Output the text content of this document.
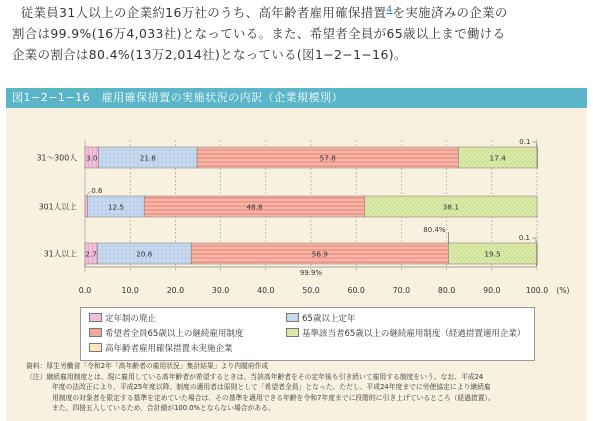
従業員31人以上の企業約16万社のうち、高年齢者雇用確保措置$^4$を実施済みの企業の

割合は99.9%(16万4,033社)となっている。また、希望者全員が65歳以上まで働ける

企業の割合は80.4%(13万2,014社)となっている(図1−2−1−16)。

図1−2−1−16　雇用確保措置の実施状況の内訳（企業規模別）
0.0	10.0	20.0	30.0	40.0	50.0	60.0	70.0	80.0	90.0	100.0 (%)
31～300人 3.0	21.8	57.8	17.4
0.1
301人以上
0.6
12.5	48.8	38.1
31人以上 2.7	20.8	56.9	19.5
0.1
80.4%
99.9%
定年制の廃止	65歳以上定年
希望者全員65歳以上の継続雇用制度	基準該当者65歳以上の継続雇用制度（経過措置適用企業）
高年齢者雇用確保措置未実施企業
資料：厚生労働省「令和2年「高年齢者の雇用状況」集計結果」より内閣府作成
（注）継続雇用制度とは、現に雇用している高年齢者が希望するときは、当該高年齢者をその定年後も引き続いて雇用する制度をいう。なお、平成24
年度の法改正により、平成25年度以降、制度の適用者は原則として「希望者全員」となった。ただし、平成24年度までに労使協定により継続雇
用制度の対象者を限定する基準を定めていた場合は、その基準を適用できる年齢を令和7年度までに段階的に引き上げているところ（経過措置）。
また、四捨五入しているため、合計値が100.0%とならない場合がある。
